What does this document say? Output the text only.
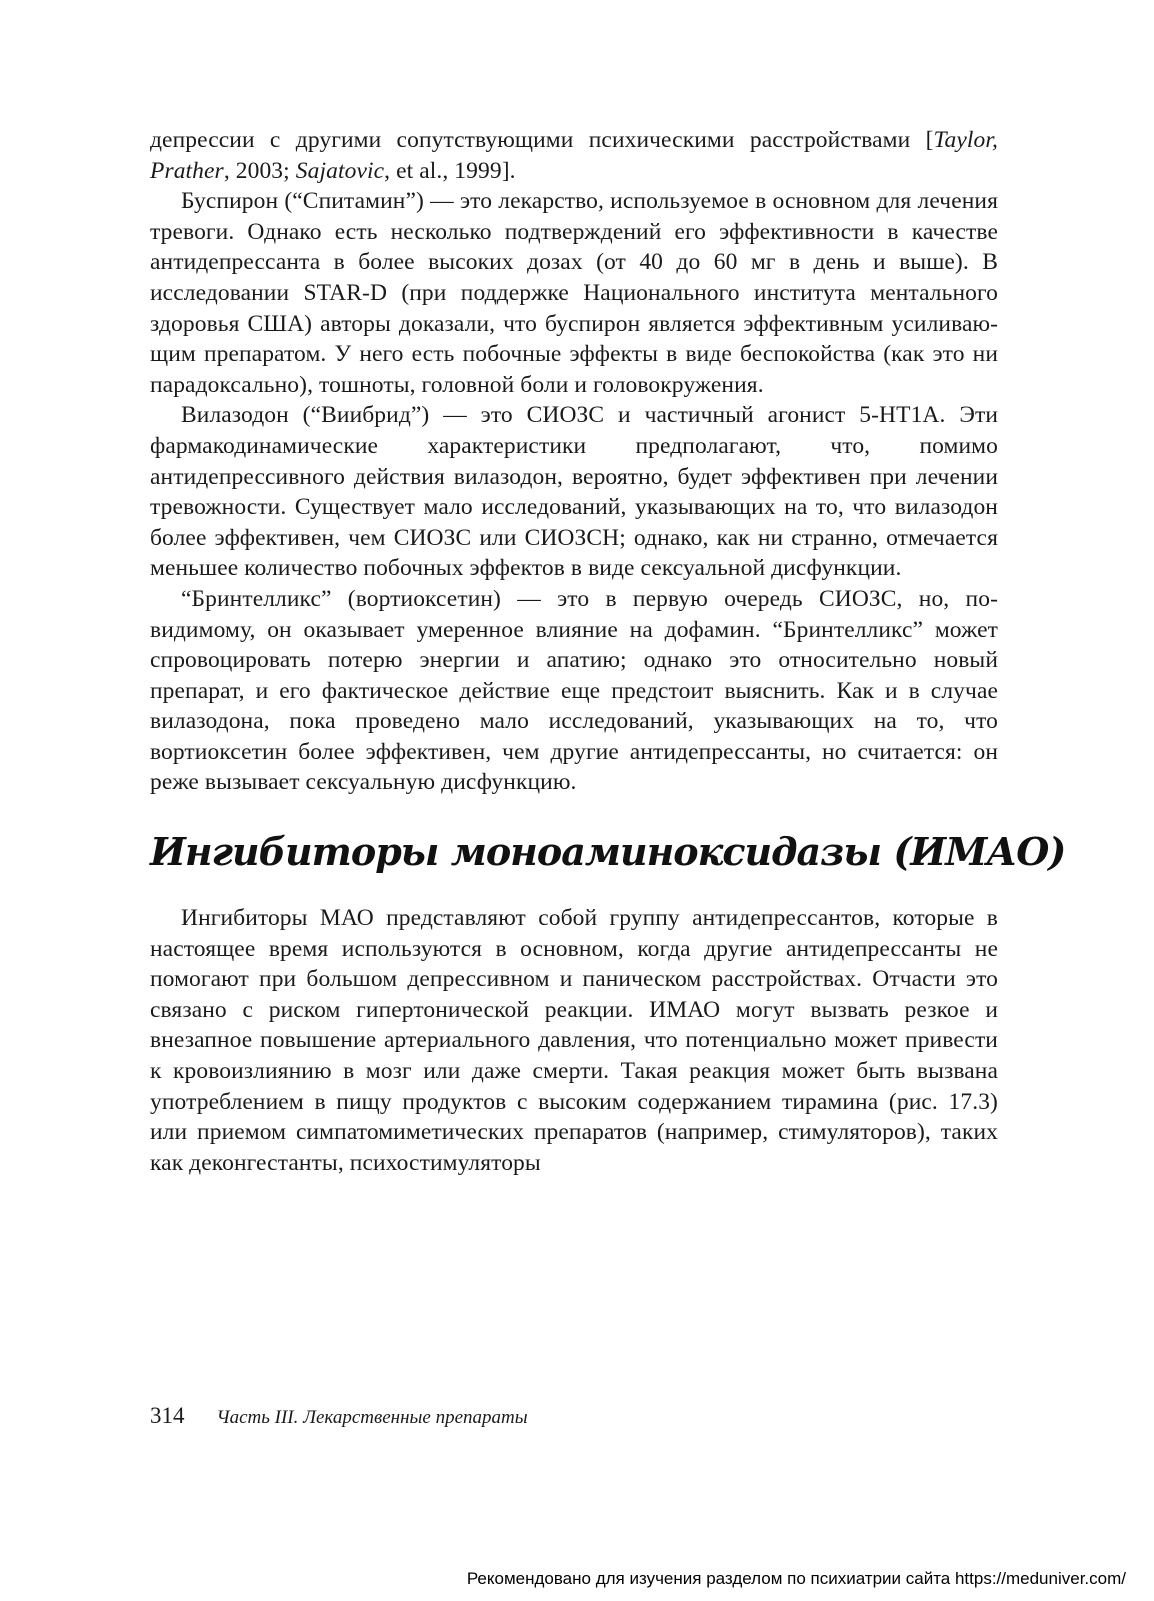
депрессии с другими сопутствующими психическими расстройствами [Taylor, Prather, 2003; Sajatovic, et al., 1999].

Буспирон (“Спитамин”) — это лекарство, используемое в основном для лечения тревоги. Однако есть несколько подтверждений его эффективности в качестве антидепрессанта в более высоких дозах (от 40 до 60 мг в день и выше). В исследовании STAR-D (при поддержке Национального института ментального здоровья США) авторы доказали, что буспирон является эффективным усиливающим препаратом. У него есть побочные эффекты в виде беспокойства (как это ни парадоксально), тошноты, головной боли и головокружения.

Вилазодон (“Виибрид”) — это СИОЗС и частичный агонист 5-HT1A. Эти фармакодинамические характеристики предполагают, что, помимо антидепрессивного действия вилазодон, вероятно, будет эффективен при лечении тревожности. Существует мало исследований, указывающих на то, что вилазодон более эффективен, чем СИОЗС или СИОЗСН; однако, как ни странно, отмечается меньшее количество побочных эффектов в виде сексуальной дисфункции.

“Бринтелликс” (вортиоксетин) — это в первую очередь СИОЗС, но, по-видимому, он оказывает умеренное влияние на дофамин. “Бринтелликс” может спровоцировать потерю энергии и апатию; однако это относительно новый препарат, и его фактическое действие еще предстоит выяснить. Как и в случае вилазодона, пока проведено мало исследований, указывающих на то, что вортиоксетин более эффективен, чем другие антидепрессанты, но считается: он реже вызывает сексуальную дисфункцию.

Ингибиторы моноаминоксидазы (ИМАО)

Ингибиторы МАО представляют собой группу антидепрессантов, которые в настоящее время используются в основном, когда другие антидепрессанты не помогают при большом депрессивном и паническом расстройствах. Отчасти это связано с риском гипертонической реакции. ИМАО могут вызвать резкое и внезапное повышение артериального давления, что потенциально может привести к кровоизлиянию в мозг или даже смерти. Такая реакция может быть вызвана употреблением в пищу продуктов с высоким содержанием тирамина (рис. 17.3) или приемом симпатомиметических препаратов (например, стимуляторов), таких как деконгестанты, психостимуляторы

314 Часть III. Лекарственные препараты
Рекомендовано для изучения разделом по психиатрии сайта https://meduniver.com/
